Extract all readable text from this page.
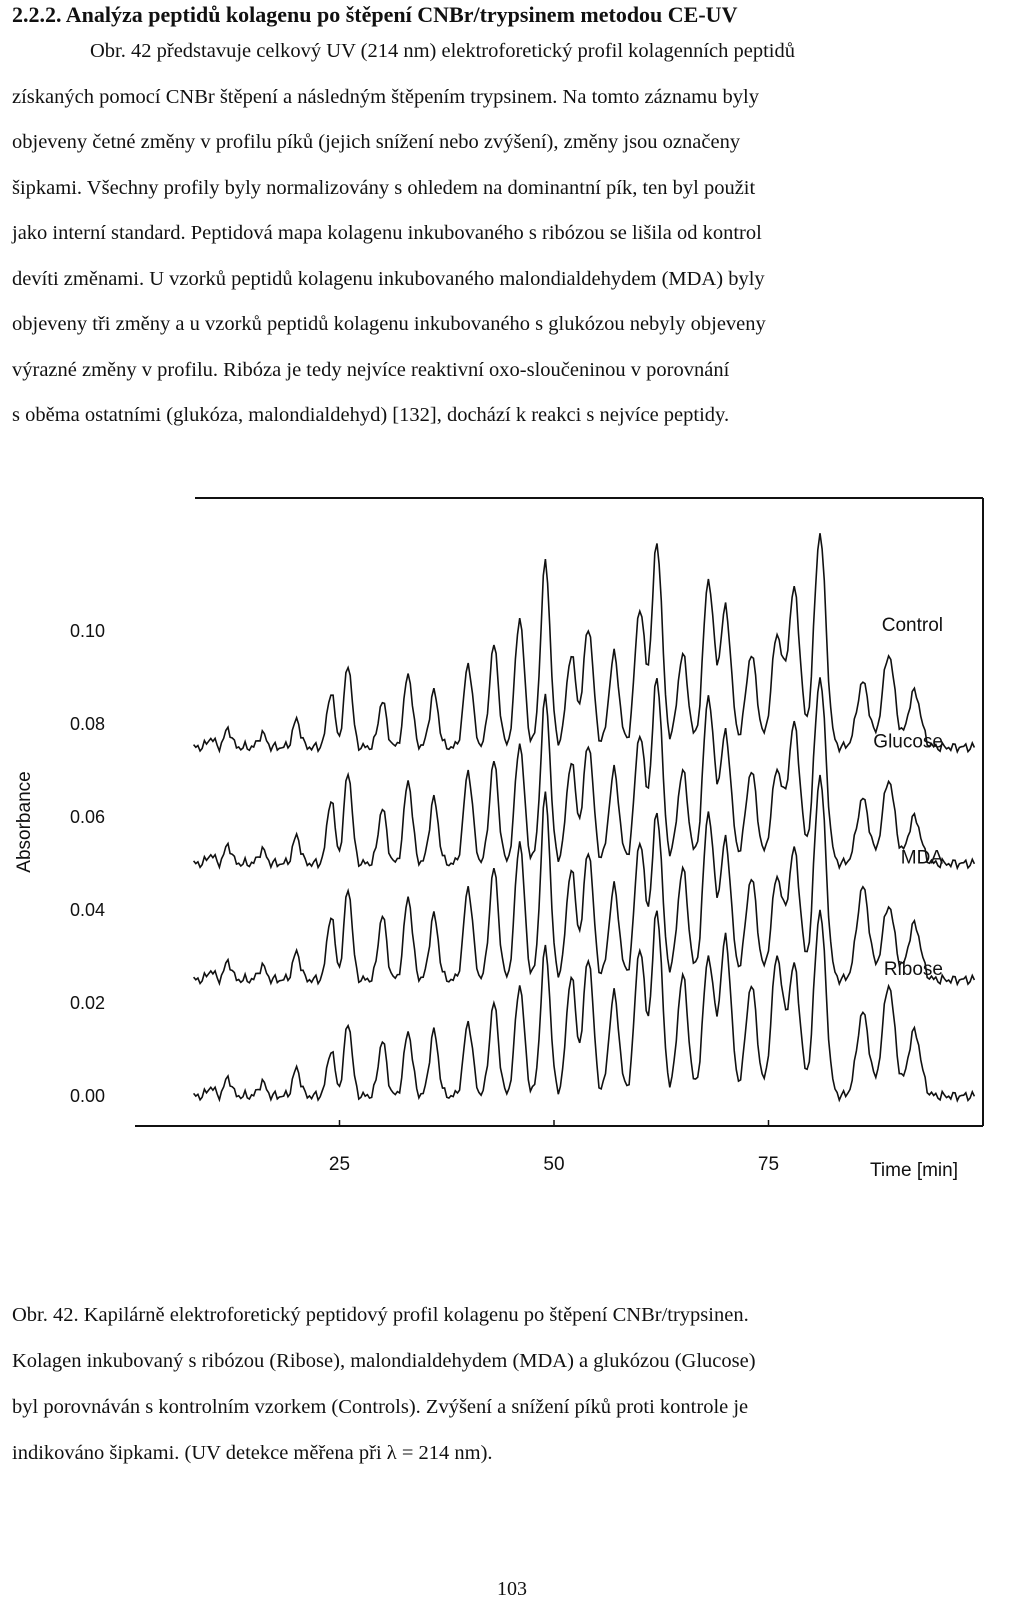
2.2.2. Analýza peptidů kolagenu po štěpení CNBr/trypsinem metodou CE-UV
Obr. 42 představuje celkový UV (214 nm) elektroforetický profil kolagenních peptidů
získaných pomocí CNBr štěpení a následným štěpením trypsinem. Na tomto záznamu byly
objeveny četné změny v profilu píků (jejich snížení nebo zvýšení), změny jsou označeny
šipkami. Všechny profily byly normalizovány s ohledem na dominantní pík, ten byl použit
jako interní standard. Peptidová mapa kolagenu inkubovaného s ribózou se lišila od kontrol
devíti změnami. U vzorků peptidů kolagenu inkubovaného malondialdehydem (MDA) byly
objeveny tři změny a u vzorků peptidů kolagenu inkubovaného s glukózou nebyly objeveny
výrazné změny v profilu. Ribóza je tedy nejvíce reaktivní oxo-sloučeninou v porovnání
s oběma ostatními (glukóza, malondialdehyd) [132], dochází k reakci s nejvíce peptidy.
25	50	75	Time [min]
0.00
0.02
0.04
0.06
0.08
0.10
Absorbance
Control
Glucose
MDA
Ribose
Obr. 42. Kapilárně elektroforetický peptidový profil kolagenu po štěpení CNBr/trypsinen.
Kolagen inkubovaný s ribózou (Ribose), malondialdehydem (MDA) a glukózou (Glucose)
byl porovnáván s kontrolním vzorkem (Controls). Zvýšení a snížení píků proti kontrole je
indikováno šipkami. (UV detekce měřena při λ = 214 nm).
103
